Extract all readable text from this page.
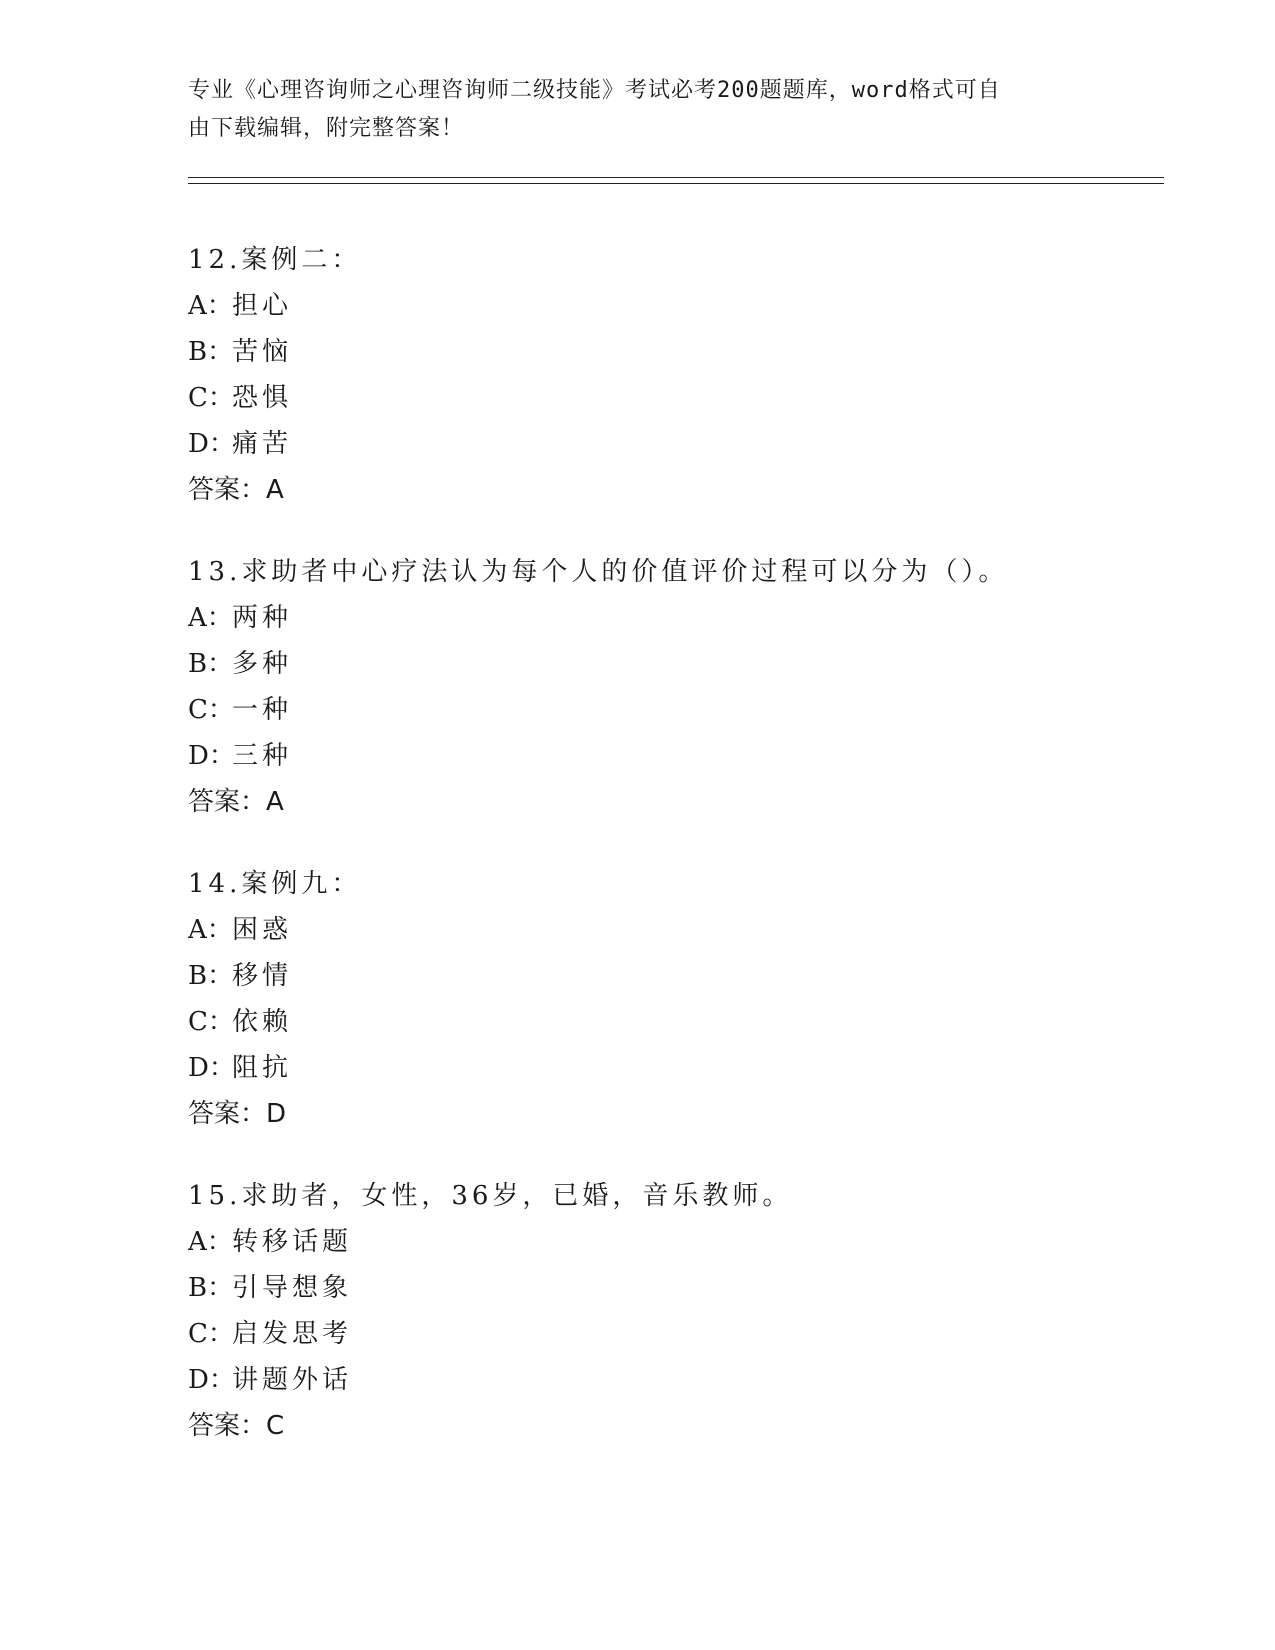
专业《心理咨询师之心理咨询师二级技能》考试必考200题题库，word格式可自
由下载编辑，附完整答案！
12.案例二：
A：担心
B：苦恼
C：恐惧
D：痛苦
答案：A
13.求助者中心疗法认为每个人的价值评价过程可以分为（）。
A：两种
B：多种
C：一种
D：三种
答案：A
14.案例九：
A：困惑
B：移情
C：依赖
D：阻抗
答案：D
15.求助者，女性，36岁，已婚，音乐教师。
A：转移话题
B：引导想象
C：启发思考
D：讲题外话
答案：C
